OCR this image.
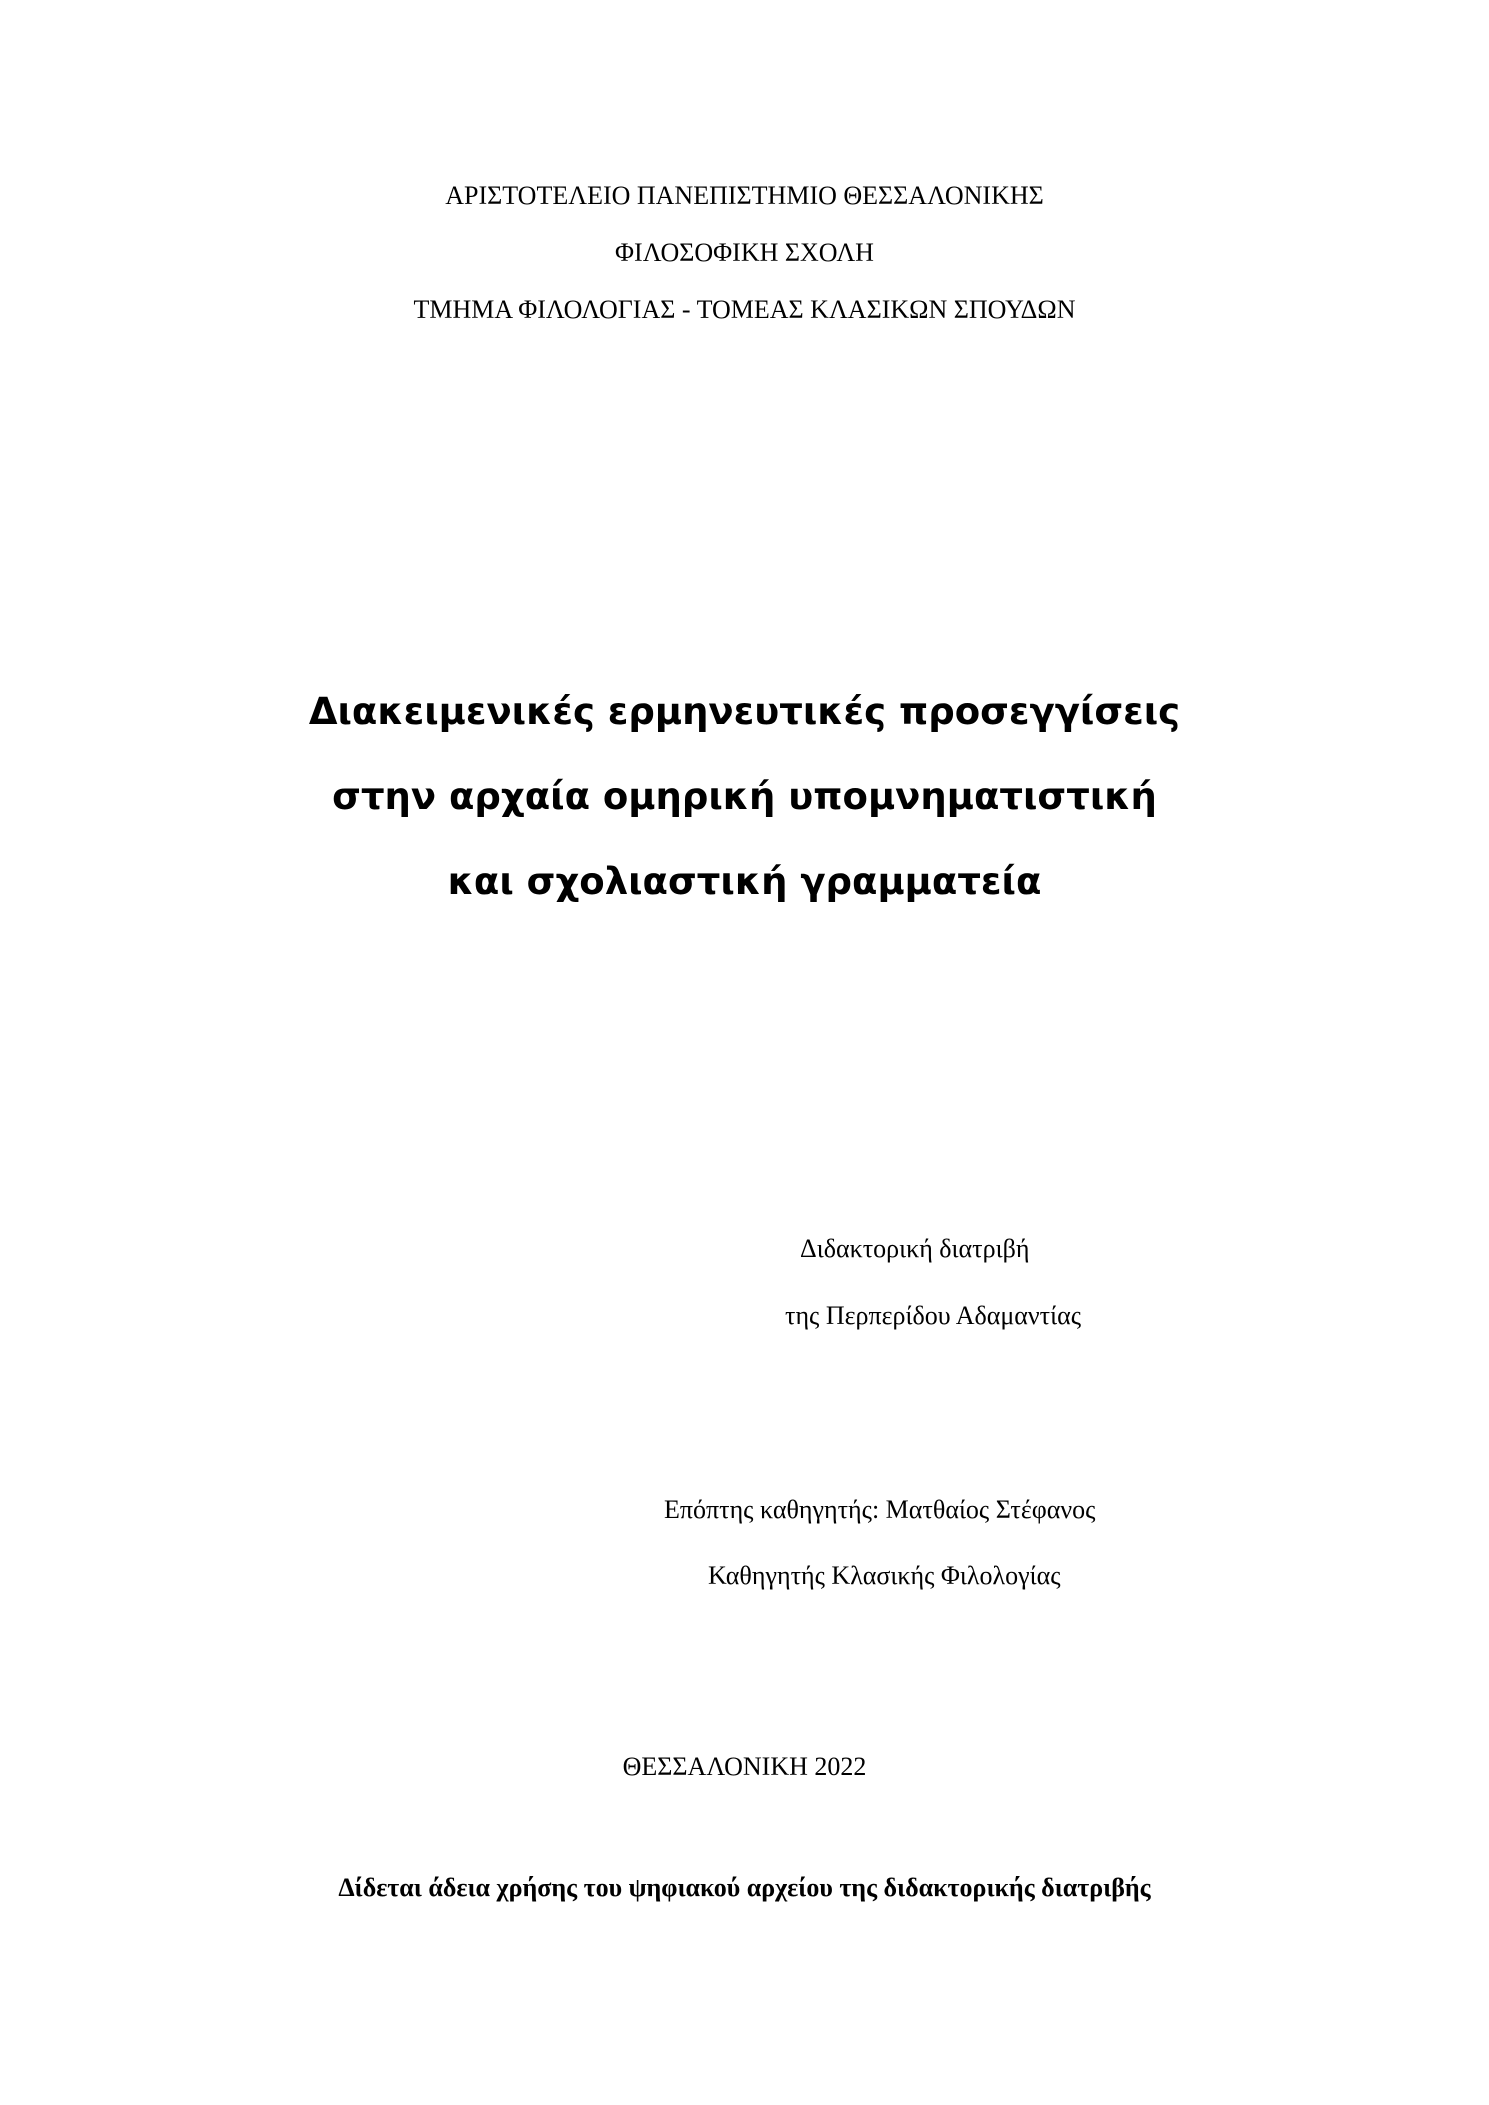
ΑΡΙΣΤΟΤΕΛΕΙΟ ΠΑΝΕΠΙΣΤΗΜΙΟ ΘΕΣΣΑΛΟΝΙΚΗΣ
ΦΙΛΟΣΟΦΙΚΗ ΣΧΟΛΗ
ΤΜΗΜΑ ΦΙΛΟΛΟΓΙΑΣ - ΤΟΜΕΑΣ ΚΛΑΣΙΚΩΝ ΣΠΟΥΔΩΝ
Διακειμενικές ερμηνευτικές προσεγγίσεις
στην αρχαία ομηρική υπομνηματιστική
και σχολιαστική γραμματεία
Διδακτορική διατριβή
της Περπερίδου Αδαμαντίας
Επόπτης καθηγητής: Ματθαίος Στέφανος
Καθηγητής Κλασικής Φιλολογίας
ΘΕΣΣΑΛΟΝΙΚΗ 2022
Δίδεται άδεια χρήσης του ψηφιακού αρχείου της διδακτορικής διατριβής
